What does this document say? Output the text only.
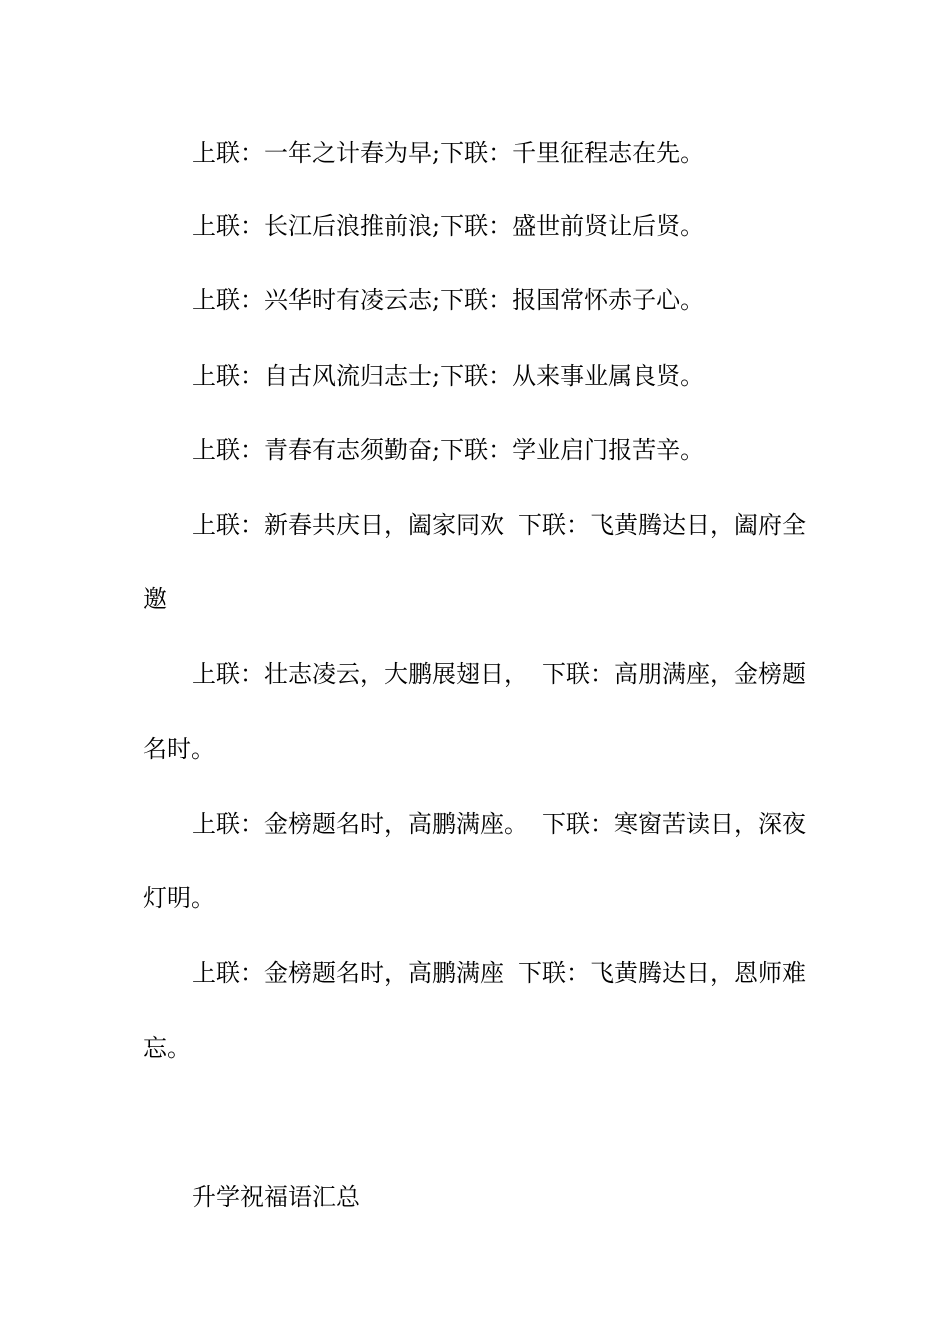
上联：一年之计春为早;下联：千里征程志在先。
上联：长江后浪推前浪;下联：盛世前贤让后贤。
上联：兴华时有凌云志;下联：报国常怀赤子心。
上联：自古风流归志士;下联：从来事业属良贤。
上联：青春有志须勤奋;下联：学业启门报苦辛。
上联：新春共庆日，阖家同欢 下联：飞黄腾达日，阖府全
邀
上联：壮志凌云，大鹏展翅日， 下联：高朋满座，金榜题
名时。
上联：金榜题名时，高鹏满座。 下联：寒窗苦读日，深夜
灯明。
上联：金榜题名时，高鹏满座 下联：飞黄腾达日，恩师难
忘。
升学祝福语汇总
